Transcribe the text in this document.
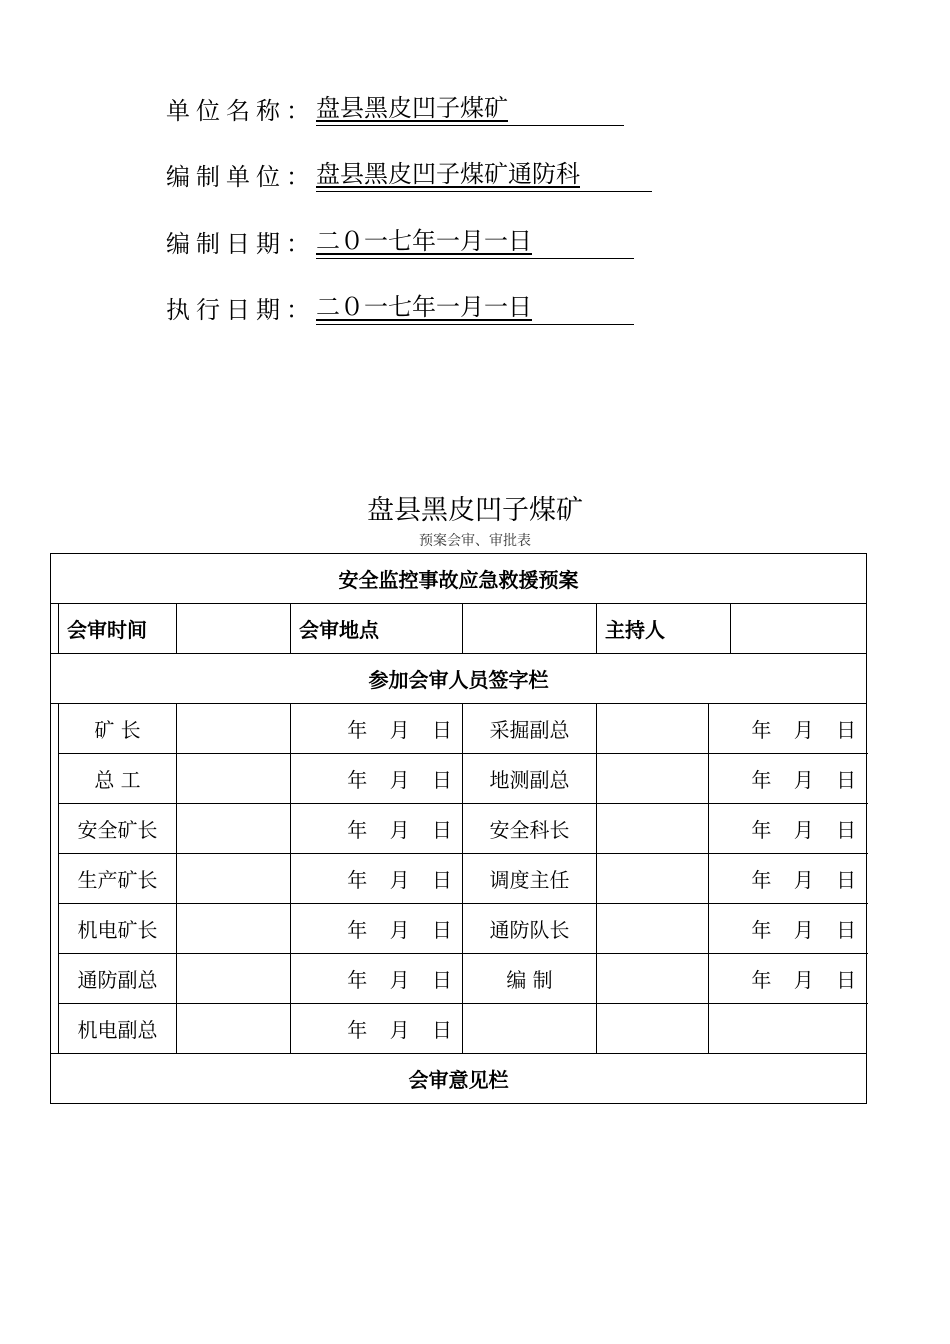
单位名称：盘县黑皮凹子煤矿
编制单位：盘县黑皮凹子煤矿通防科
编制日期：二０一七年一月一日
执行日期：二０一七年一月一日
盘县黑皮凹子煤矿
预案会审、审批表
安全监控事故应急救援预案							
	会审时间		会审地点		主持人		
参加会审人员签字栏							
	矿 长		年 月 日	采掘副总		年 月 日	
	总 工		年 月 日	地测副总		年 月 日	
	安全矿长		年 月 日	安全科长		年 月 日	
	生产矿长		年 月 日	调度主任		年 月 日	
	机电矿长		年 月 日	通防队长		年 月 日	
	通防副总		年 月 日	编 制		年 月 日	
	机电副总		年 月 日				
会审意见栏							
